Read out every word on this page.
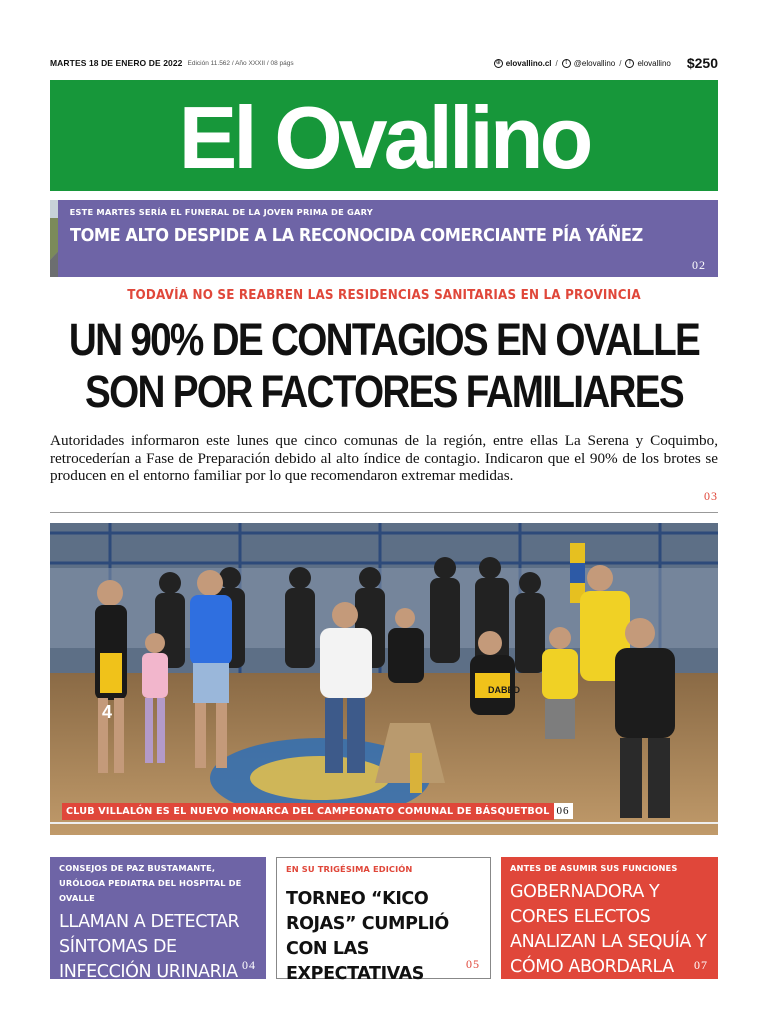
MARTES 18 DE ENERO DE 2022 Edición 11.562 / Año XXXII / 08 págs	⊕ elovallino.cl /	t @elovallino /	f elovallino $250
El Ovallino
ESTE MARTES SERÍA EL FUNERAL DE LA JOVEN PRIMA DE GARY
TOME ALTO DESPIDE A LA RECONOCIDA COMERCIANTE PÍA YÁÑEZ
02
TODAVÍA NO SE REABREN LAS RESIDENCIAS SANITARIAS EN LA PROVINCIA
UN 90% DE CONTAGIOS EN OVALLE
SON POR FACTORES FAMILIARES

Autoridades informaron este lunes que cinco comunas de la región, entre ellas La Serena y Coquimbo, retrocederían a Fase de Preparación debido al alto índice de contagio. Indicaron que el 90% de los brotes se producen en el entorno familiar por lo que recomendaron extremar medidas.

03
4
DABED
CLUB VILLALÓN ES EL NUEVO MONARCA DEL CAMPEONATO COMUNAL DE BÁSQUETBOL 06
CONSEJOS DE PAZ BUSTAMANTE, URÓLOGA PEDIATRA DEL HOSPITAL DE OVALLE
LLAMAN A DETECTAR SÍNTOMAS DE INFECCIÓN URINARIA EN NIÑOS
04
EN SU TRIGÉSIMA EDICIÓN
TORNEO “KICO ROJAS” CUMPLIÓ CON LAS EXPECTATIVAS	05
ANTES DE ASUMIR SUS FUNCIONES
GOBERNADORA Y CORES ELECTOS ANALIZAN LA SEQUÍA Y CÓMO ABORDARLA	07
